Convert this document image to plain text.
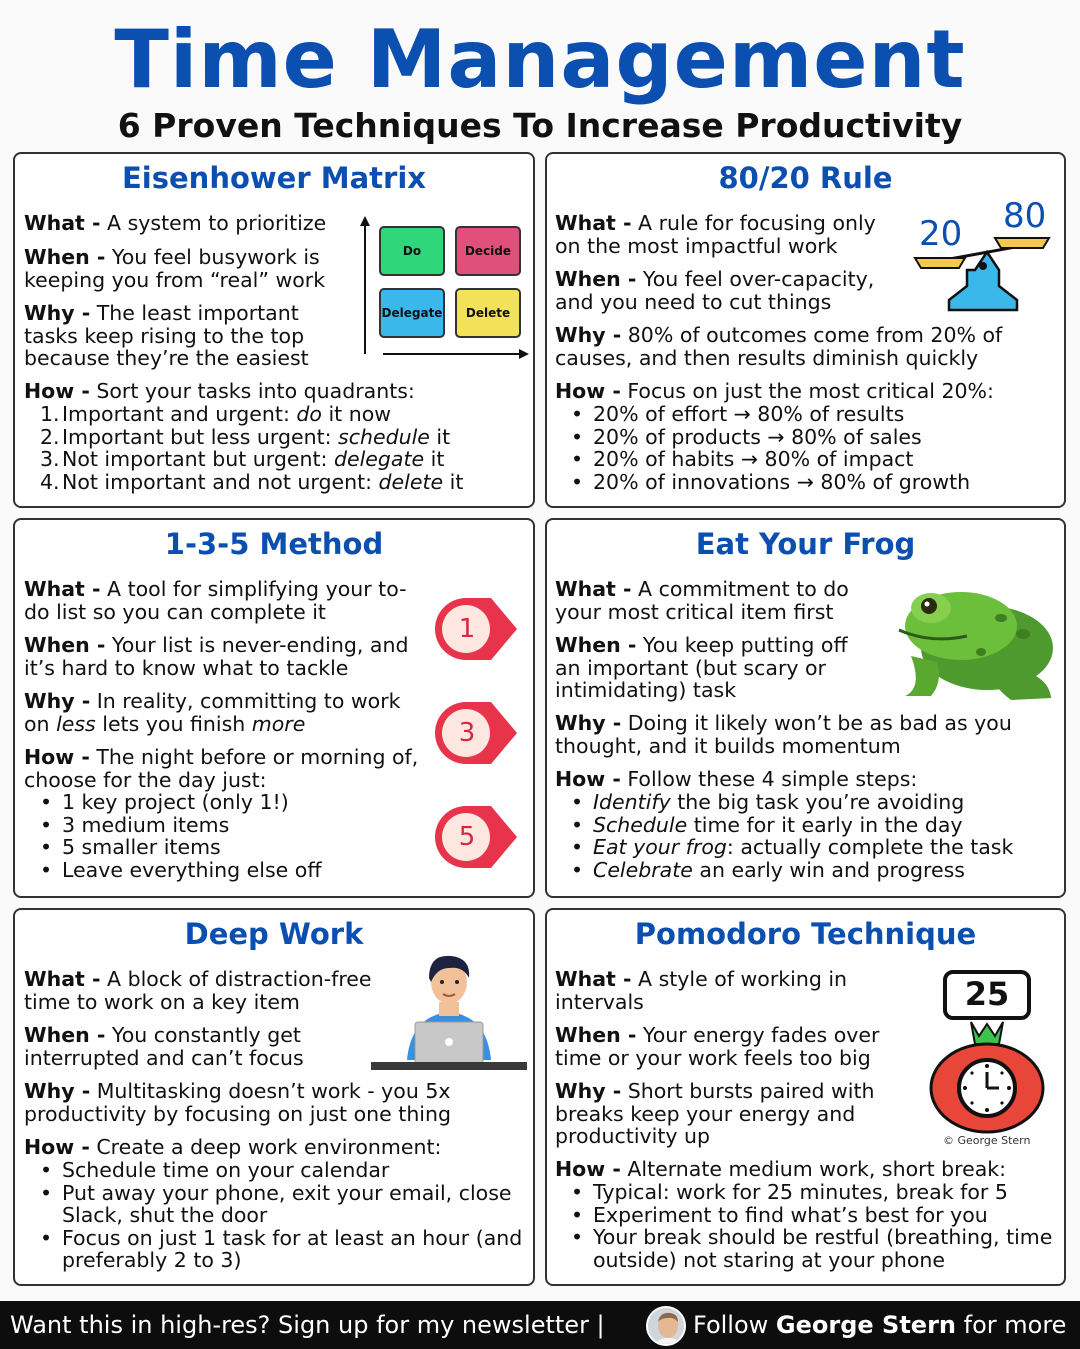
Time Management
6 Proven Techniques To Increase Productivity
Eisenhower Matrix
What - A system to prioritize
When - You feel busywork is keeping you from “real” work
Why - The least important tasks keep rising to the top because they’re the easiest
How - Sort your tasks into quadrants:
1. Important and urgent: do it now
2. Important but less urgent: schedule it
3. Not important but urgent: delegate it
4. Not important and not urgent: delete it
Do	Decide
Delegate	Delete
80/20 Rule
What - A rule for focusing only on the most impactful work
When - You feel over-capacity, and you need to cut things
Why - 80% of outcomes come from 20% of causes, and then results diminish quickly
How - Focus on just the most critical 20%:
• 20% of effort → 80% of results
• 20% of products → 80% of sales
• 20% of habits → 80% of impact
• 20% of innovations → 80% of growth
20 80
1-3-5 Method
What - A tool for simplifying your to-do list so you can complete it
When - Your list is never-ending, and it’s hard to know what to tackle
Why - In reality, committing to work on less lets you finish more
How - The night before or morning of, choose for the day just:
• 1 key project (only 1!)
• 3 medium items
• 5 smaller items
• Leave everything else off
1
3
5
Eat Your Frog
What - A commitment to do your most critical item first
When - You keep putting off an important (but scary or intimidating) task
Why - Doing it likely won’t be as bad as you thought, and it builds momentum
How - Follow these 4 simple steps:
• Identify the big task you’re avoiding
• Schedule time for it early in the day
• Eat your frog: actually complete the task
• Celebrate an early win and progress
Deep Work
What - A block of distraction-free time to work on a key item
When - You constantly get interrupted and can’t focus
Why - Multitasking doesn’t work - you 5x productivity by focusing on just one thing
How - Create a deep work environment:
• Schedule time on your calendar
• Put away your phone, exit your email, close Slack, shut the door
• Focus on just 1 task for at least an hour (and preferably 2 to 3)
Pomodoro Technique
What - A style of working in intervals
When - Your energy fades over time or your work feels too big
Why - Short bursts paired with breaks keep your energy and productivity up
How - Alternate medium work, short break:
• Typical: work for 25 minutes, break for 5
• Experiment to find what’s best for you
• Your break should be restful (breathing, time outside) not staring at your phone
25
© George Stern
Want this in high-res? Sign up for my newsletter |	Follow George Stern for more
